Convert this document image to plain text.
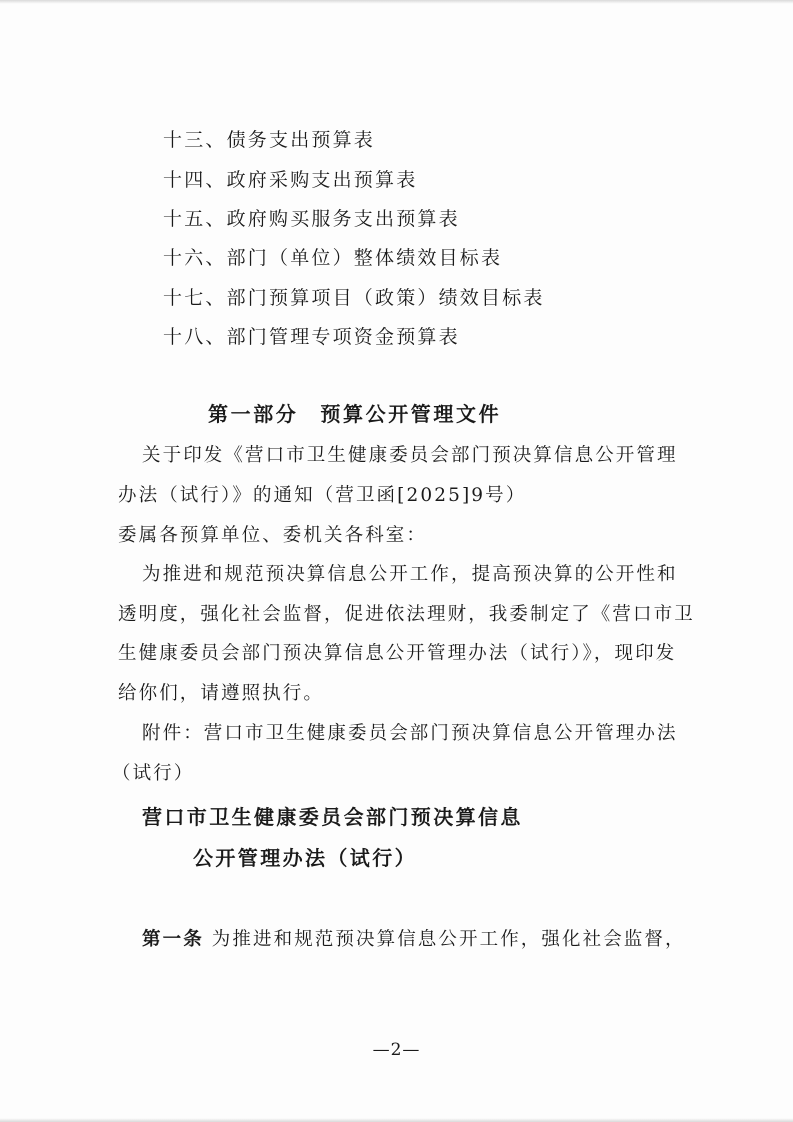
十三、债务支出预算表
十四、政府采购支出预算表
十五、政府购买服务支出预算表
十六、部门（单位）整体绩效目标表
十七、部门预算项目（政策）绩效目标表
十八、部门管理专项资金预算表
第一部分 预算公开管理文件
关于印发《营口市卫生健康委员会部门预决算信息公开管理
办法（试行）》的通知（营卫函[2025]9号）
委属各预算单位、委机关各科室：
为推进和规范预决算信息公开工作，提高预决算的公开性和
透明度，强化社会监督，促进依法理财，我委制定了《营口市卫
生健康委员会部门预决算信息公开管理办法（试行）》，现印发
给你们，请遵照执行。
附件：营口市卫生健康委员会部门预决算信息公开管理办法
（试行）
营口市卫生健康委员会部门预决算信息
公开管理办法（试行）
第一条 为推进和规范预决算信息公开工作，强化社会监督，
—2—
